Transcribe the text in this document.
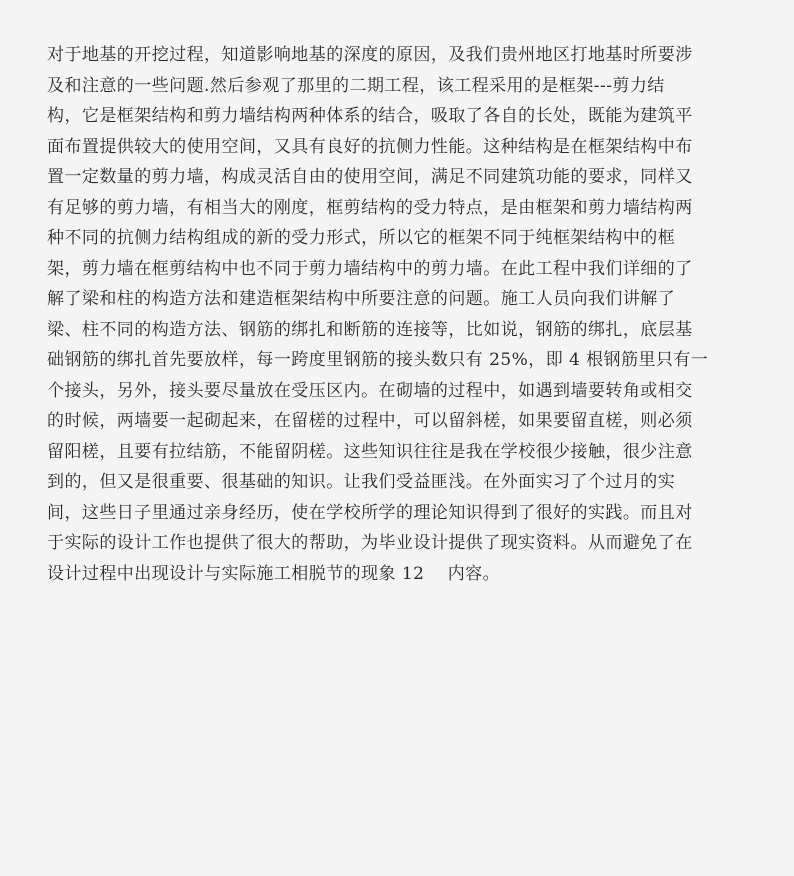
对于地基的开挖过程，知道影响地基的深度的原因，及我们贵州地区打地基时所要涉
及和注意的一些问题.然后参观了那里的二期工程，该工程采用的是框架---剪力结
构，它是框架结构和剪力墙结构两种体系的结合，吸取了各自的长处，既能为建筑平
面布置提供较大的使用空间，又具有良好的抗侧力性能。这种结构是在框架结构中布
置一定数量的剪力墙，构成灵活自由的使用空间，满足不同建筑功能的要求，同样又
有足够的剪力墙，有相当大的刚度，框剪结构的受力特点，是由框架和剪力墙结构两
种不同的抗侧力结构组成的新的受力形式，所以它的框架不同于纯框架结构中的框
架，剪力墙在框剪结构中也不同于剪力墙结构中的剪力墙。在此工程中我们详细的了
解了梁和柱的构造方法和建造框架结构中所要注意的问题。施工人员向我们讲解了
梁、柱不同的构造方法、钢筋的绑扎和断筋的连接等，比如说，钢筋的绑扎，底层基
础钢筋的绑扎首先要放样，每一跨度里钢筋的接头数只有 25%，即 4 根钢筋里只有一
个接头，另外，接头要尽量放在受压区内。在砌墙的过程中，如遇到墙要转角或相交
的时候，两墙要一起砌起来，在留槎的过程中，可以留斜槎，如果要留直槎，则必须
留阳槎，且要有拉结筋，不能留阴槎。这些知识往往是我在学校很少接触，很少注意
到的，但又是很重要、很基础的知识。让我们受益匪浅。在外面实习了个过月的实
间，这些日子里通过亲身经历，使在学校所学的理论知识得到了很好的实践。而且对
于实际的设计工作也提供了很大的帮助，为毕业设计提供了现实资料。从而避免了在
设计过程中出现设计与实际施工相脱节的现象 12　 内容。
